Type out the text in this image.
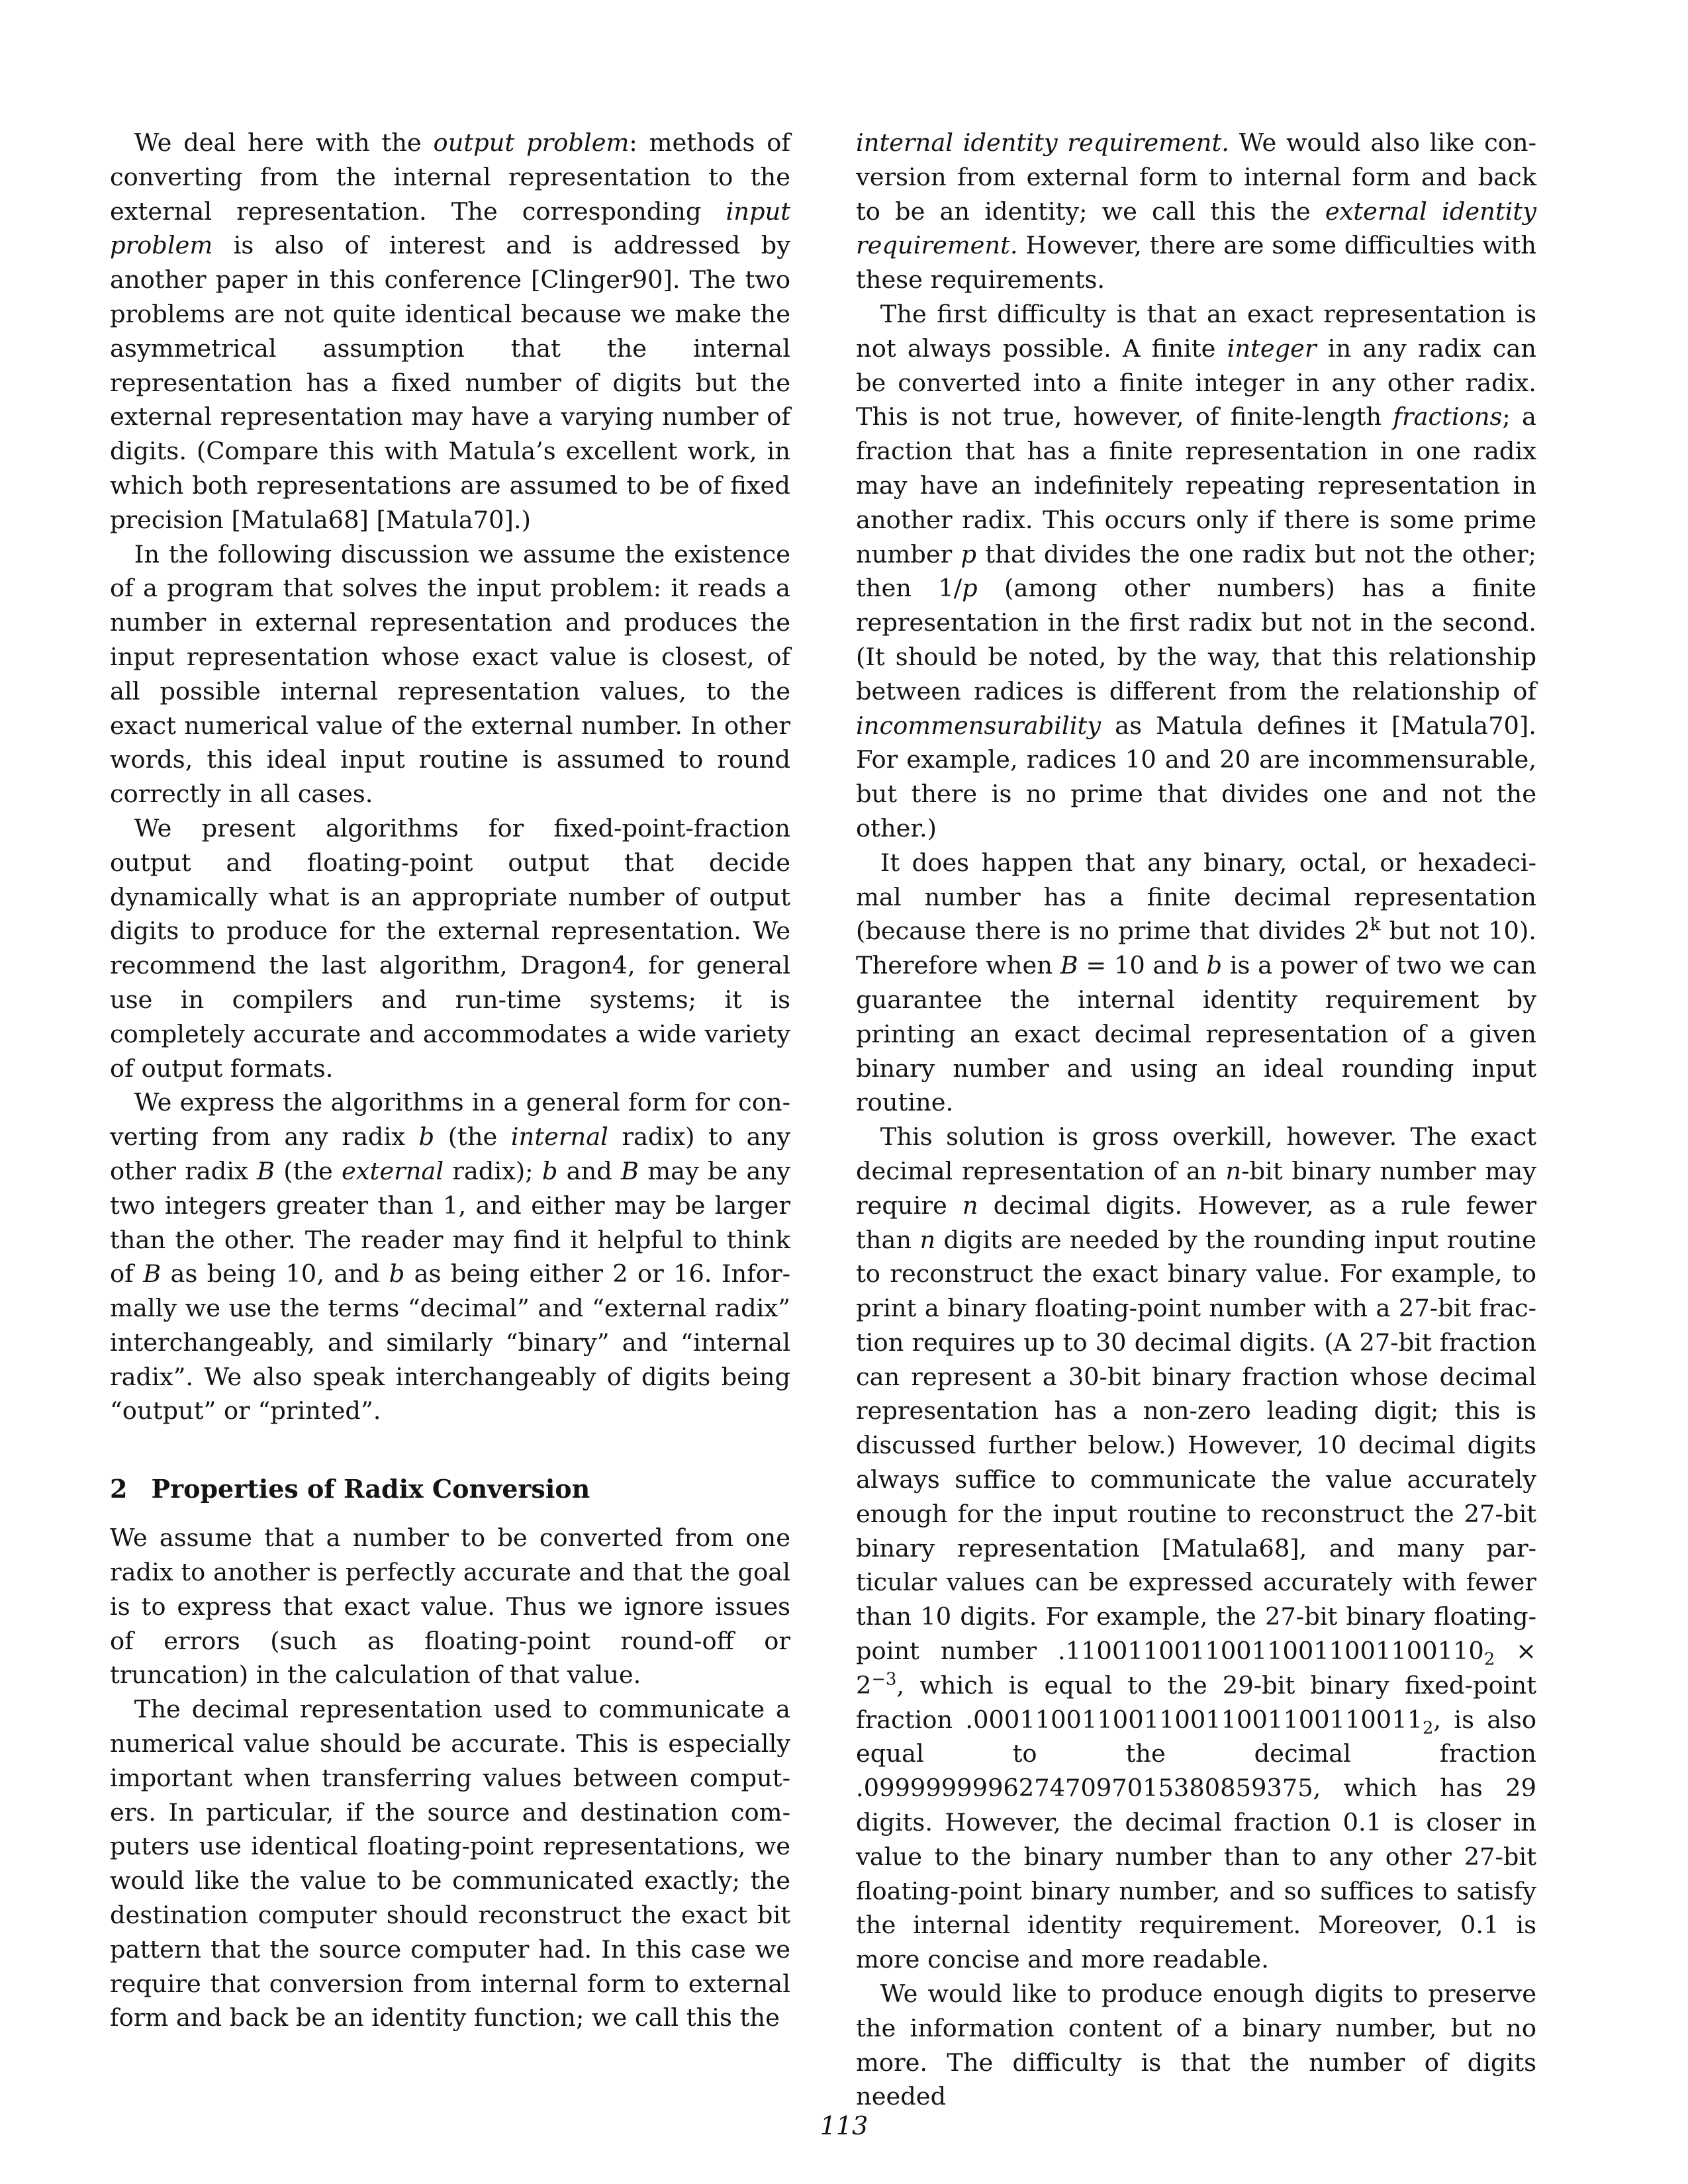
We deal here with the output problem: methods of converting from the internal representation to the external representation. The corresponding input problem is also of interest and is addressed by another paper in this conference [Clinger90]. The two problems are not quite identical because we make the asymmetrical assumption that the internal representation has a fixed number of digits but the external representation may have a varying number of digits. (Compare this with Matula’s excellent work, in which both representations are assumed to be of fixed precision [Matula68] [Matula70].)

In the following discussion we assume the existence of a program that solves the input problem: it reads a number in external representation and produces the input representation whose exact value is closest, of all possible internal representation values, to the exact numerical value of the external number. In other words, this ideal input routine is assumed to round correctly in all cases.

We present algorithms for fixed-point-fraction output and floating-point output that decide dynamically what is an appropriate number of output digits to produce for the external representation. We recommend the last algorithm, Dragon4, for general use in compilers and run-time systems; it is completely accurate and accommodates a wide variety of output formats.

We express the algorithms in a general form for converting from any radix b (the internal radix) to any other radix B (the external radix); b and B may be any two integers greater than 1, and either may be larger than the other. The reader may find it helpful to think of B as being 10, and b as being either 2 or 16. Informally we use the terms “decimal” and “external radix” interchangeably, and similarly “binary” and “internal radix”. We also speak interchangeably of digits being “output” or “printed”.

2 Properties of Radix Conversion

We assume that a number to be converted from one radix to another is perfectly accurate and that the goal is to express that exact value. Thus we ignore issues of errors (such as floating-point round-off or truncation) in the calculation of that value.

The decimal representation used to communicate a numerical value should be accurate. This is especially important when transferring values between computers. In particular, if the source and destination computers use identical floating-point representations, we would like the value to be communicated exactly; the destination computer should reconstruct the exact bit pattern that the source computer had. In this case we require that conversion from internal form to external form and back be an identity function; we call this the

internal identity requirement. We would also like conversion from external form to internal form and back to be an identity; we call this the external identity requirement. However, there are some difficulties with these requirements.

The first difficulty is that an exact representation is not always possible. A finite integer in any radix can be converted into a finite integer in any other radix. This is not true, however, of finite-length fractions; a fraction that has a finite representation in one radix may have an indefinitely repeating representation in another radix. This occurs only if there is some prime number p that divides the one radix but not the other; then 1/p (among other numbers) has a finite representation in the first radix but not in the second. (It should be noted, by the way, that this relationship between radices is different from the relationship of incommensurability as Matula defines it [Matula70]. For example, radices 10 and 20 are incommensurable, but there is no prime that divides one and not the other.)

It does happen that any binary, octal, or hexadecimal number has a finite decimal representation (because there is no prime that divides 2$^k$ but not 10). Therefore when B = 10 and b is a power of two we can guarantee the internal identity requirement by printing an exact decimal representation of a given binary number and using an ideal rounding input routine.

This solution is gross overkill, however. The exact decimal representation of an n-bit binary number may require n decimal digits. However, as a rule fewer than n digits are needed by the rounding input routine to reconstruct the exact binary value. For example, to print a binary floating-point number with a 27-bit fraction requires up to 30 decimal digits. (A 27-bit fraction can represent a 30-bit binary fraction whose decimal representation has a non-zero leading digit; this is discussed further below.) However, 10 decimal digits always suffice to communicate the value accurately enough for the input routine to reconstruct the 27-bit binary representation [Matula68], and many particular values can be expressed accurately with fewer than 10 digits. For example, the 27-bit binary floating-point number $.110011001100110011001100110_2 \times 2^{-3}$, which is equal to the 29-bit binary fixed-point fraction $.00011001100110011001100110011_2$, is also equal to the decimal fraction .09999999962747097015380859375, which has 29 digits. However, the decimal fraction 0.1 is closer in value to the binary number than to any other 27-bit floating-point binary number, and so suffices to satisfy the internal identity requirement. Moreover, 0.1 is more concise and more readable.

We would like to produce enough digits to preserve the information content of a binary number, but no more. The difficulty is that the number of digits needed

113
